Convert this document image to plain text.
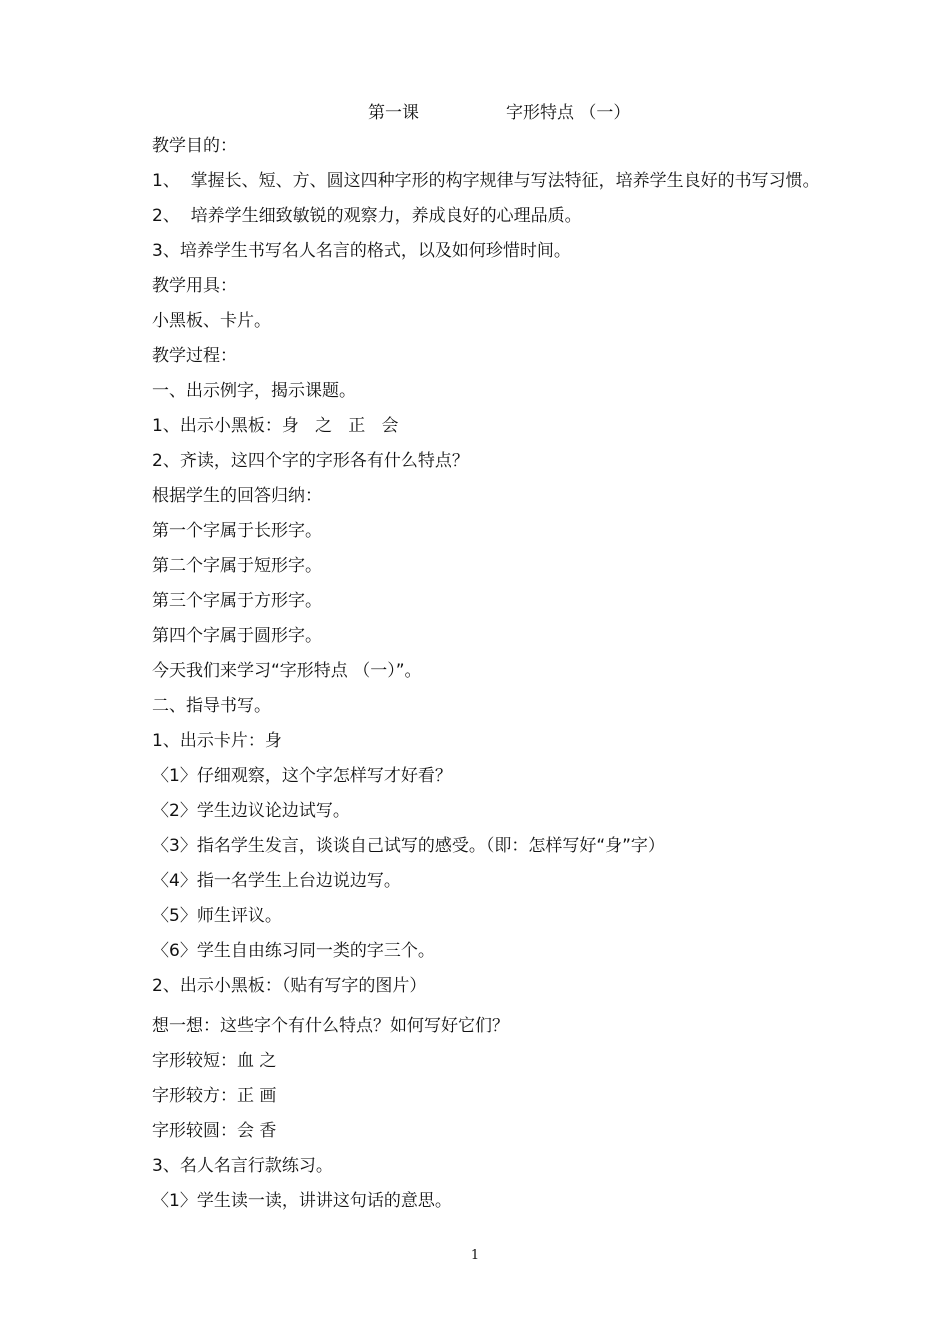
第一课	字形特点 （一）
教学目的：
1、  掌握长、短、方、圆这四种字形的构字规律与写法特征，培养学生良好的书写习惯。
2、  培养学生细致敏锐的观察力，养成良好的心理品质。
3、培养学生书写名人名言的格式，以及如何珍惜时间。
教学用具：
小黑板、卡片。
教学过程：
一、出示例字，揭示课题。
1、出示小黑板：身   之   正   会
2、齐读，这四个字的字形各有什么特点？
根据学生的回答归纳：
第一个字属于长形字。
第二个字属于短形字。
第三个字属于方形字。
第四个字属于圆形字。
今天我们来学习“字形特点 （一）”。
二、指导书写。
1、出示卡片：身
〈1〉仔细观察，这个字怎样写才好看？
〈2〉学生边议论边试写。
〈3〉指名学生发言，谈谈自己试写的感受。（即：怎样写好“身”字）
〈4〉指一名学生上台边说边写。
〈5〉师生评议。
〈6〉学生自由练习同一类的字三个。
2、出示小黑板：（贴有写字的图片）
想一想：这些字个有什么特点？如何写好它们？
字形较短：血 之
字形较方：正 画
字形较圆：会 香
3、名人名言行款练习。
〈1〉学生读一读，讲讲这句话的意思。
1
